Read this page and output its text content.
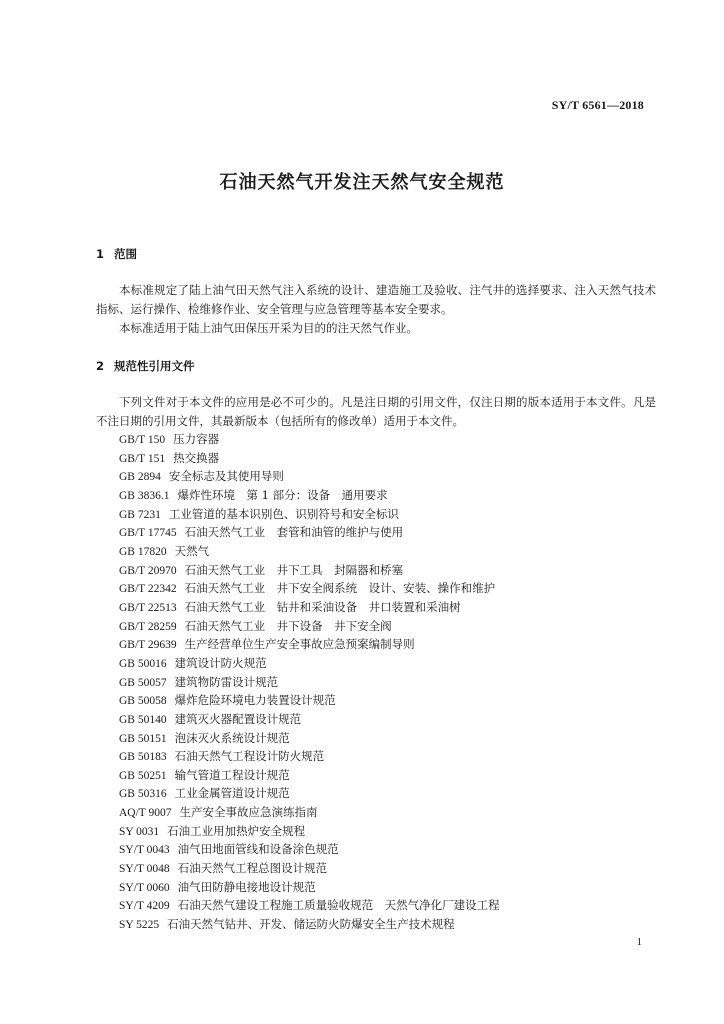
SY/T 6561—2018
石油天然气开发注天然气安全规范
1 范围
本标准规定了陆上油气田天然气注入系统的设计、建造施工及验收、注气井的选择要求、注入天然气技术指标、运行操作、检维修作业、安全管理与应急管理等基本安全要求。
本标准适用于陆上油气田保压开采为目的的注天然气作业。
2 规范性引用文件
下列文件对于本文件的应用是必不可少的。凡是注日期的引用文件，仅注日期的版本适用于本文件。凡是不注日期的引用文件，其最新版本（包括所有的修改单）适用于本文件。
GB/T 150 压力容器
GB/T 151 热交换器
GB 2894 安全标志及其使用导则
GB 3836.1 爆炸性环境　第 1 部分：设备　通用要求
GB 7231 工业管道的基本识别色、识别符号和安全标识
GB/T 17745 石油天然气工业　套管和油管的维护与使用
GB 17820 天然气
GB/T 20970 石油天然气工业　井下工具　封隔器和桥塞
GB/T 22342 石油天然气工业　井下安全阀系统　设计、安装、操作和维护
GB/T 22513 石油天然气工业　钻井和采油设备　井口装置和采油树
GB/T 28259 石油天然气工业　井下设备　井下安全阀
GB/T 29639 生产经营单位生产安全事故应急预案编制导则
GB 50016 建筑设计防火规范
GB 50057 建筑物防雷设计规范
GB 50058 爆炸危险环境电力装置设计规范
GB 50140 建筑灭火器配置设计规范
GB 50151 泡沫灭火系统设计规范
GB 50183 石油天然气工程设计防火规范
GB 50251 输气管道工程设计规范
GB 50316 工业金属管道设计规范
AQ/T 9007 生产安全事故应急演练指南
SY 0031 石油工业用加热炉安全规程
SY/T 0043 油气田地面管线和设备涂色规范
SY/T 0048 石油天然气工程总图设计规范
SY/T 0060 油气田防静电接地设计规范
SY/T 4209 石油天然气建设工程施工质量验收规范　天然气净化厂建设工程
SY 5225 石油天然气钻井、开发、储运防火防爆安全生产技术规程
1
